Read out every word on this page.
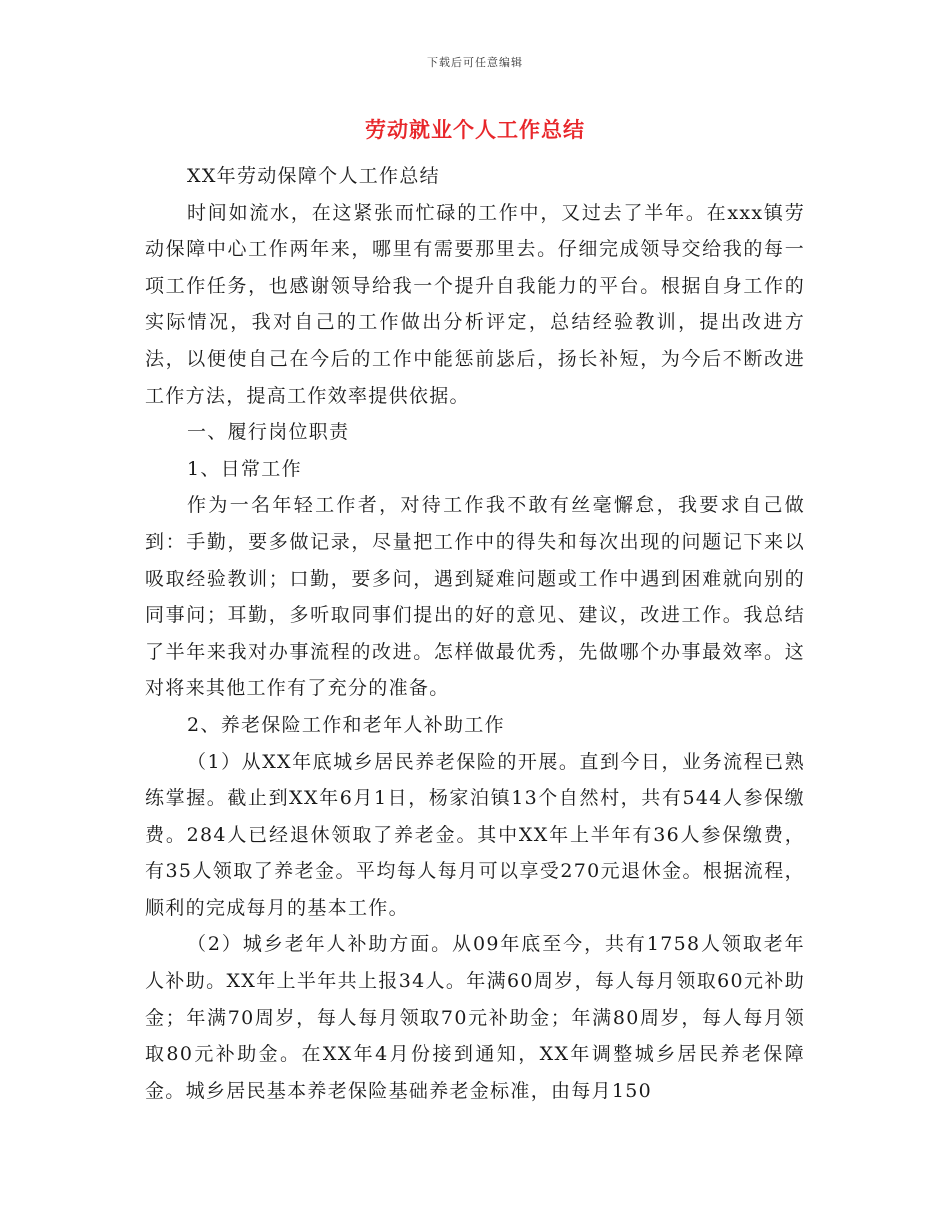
下载后可任意编辑
劳动就业个人工作总结

XX年劳动保障个人工作总结

时间如流水，在这紧张而忙碌的工作中，又过去了半年。在xxx镇劳动保障中心工作两年来，哪里有需要那里去。仔细完成领导交给我的每一项工作任务，也感谢领导给我一个提升自我能力的平台。根据自身工作的实际情况，我对自己的工作做出分析评定，总结经验教训，提出改进方法，以便使自己在今后的工作中能惩前毖后，扬长补短，为今后不断改进工作方法，提高工作效率提供依据。

一、履行岗位职责

1、日常工作

作为一名年轻工作者，对待工作我不敢有丝毫懈怠，我要求自己做到：手勤，要多做记录，尽量把工作中的得失和每次出现的问题记下来以吸取经验教训；口勤，要多问，遇到疑难问题或工作中遇到困难就向别的同事问；耳勤，多听取同事们提出的好的意见、建议，改进工作。我总结了半年来我对办事流程的改进。怎样做最优秀，先做哪个办事最效率。这对将来其他工作有了充分的准备。

2、养老保险工作和老年人补助工作

（1）从XX年底城乡居民养老保险的开展。直到今日，业务流程已熟练掌握。截止到XX年6月1日，杨家泊镇13个自然村，共有544人参保缴费。284人已经退休领取了养老金。其中XX年上半年有36人参保缴费，有35人领取了养老金。平均每人每月可以享受270元退休金。根据流程，顺利的完成每月的基本工作。

（2）城乡老年人补助方面。从09年底至今，共有1758人领取老年人补助。XX年上半年共上报34人。年满60周岁，每人每月领取60元补助金；年满70周岁，每人每月领取70元补助金；年满80周岁，每人每月领取80元补助金。在XX年4月份接到通知，XX年调整城乡居民养老保障金。城乡居民基本养老保险基础养老金标准，由每月150
